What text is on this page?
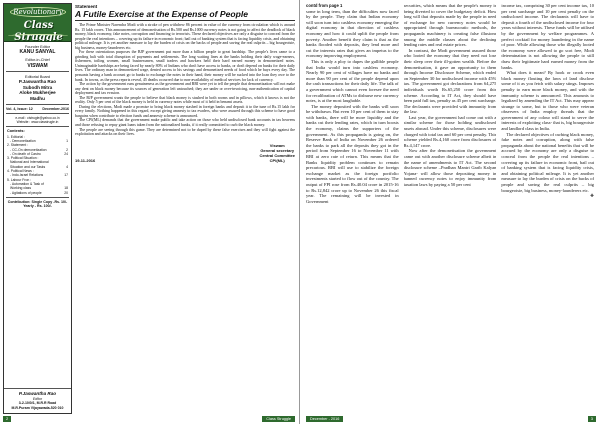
Revolutionary
Class Struggle
Founder Editor
KANU SANYAL
Editor-in-Chief
VISWAM
Editorial Board
P.Jaswantha Rao
Subodh Mitra
Aloke Mukherjee
Madhu
Vol. 4, Issue: 12	December-2016
e-mail : cistrugle@yahoo.co.in
Website : www.classtrugle.in
Contents:
1. Editorial :
- Demonetization	1
2. Statement :
- CC-On demonetization	2
- On death of Castro	24
3. Political Situation :
National and International
Situation and our Tasks	4
4. Political News :
- Indo-Israel Relations	17
5. Labour Fron :
- Automation & Task of
Working class	18
- Agitations of people	20
Contribution: Single Copy -Rs. 10/-
Yearly - Rs. 100/-
P.Jaswantha Rao
Editor
3-2-10/0/1, M.R.R Road
M.R.Puram Vijayawada-520 010
Statement
A Futile Exercise at the Expense of People

The Prime Minister Narendra Modi with a stroke of pen withdrew 86 percent in value of the currency from circulation which is around Rs. 15 lakh crores. This announcement of demonetisation of Rs.500 and Rs.1000 currency notes is not going to affect the deadlock of black money, black economy, fake notes, corruption and financing to terrorists. These declared objectives are only a disguise to conceal from the people the real intentions – covering up its failure in economic front; bail out of banking system that is facing liquidity crisis, and obtaining political mileage. It is yet another measure to lay the burden of crisis on the backs of people and saving the real culprits – big bourgeoisie, big business, money-launderers etc.

For these ostentatious purposes the BJP government put more than a billion people to great hardship. The people's lives came to a grinding halt with total disruption of payments and settlements. The long waiting lines at the banks holding their daily wage-earners, fishermen, toiling women, small businessmen, small traders and hawkers held their hard earned money in demonetized notes. Unimaginable hardships are being faced by nearly 80% of Indians who don't have access to banks, or don't depend on banks for their daily lives. The ordinary man in demonetized wage, denied access to his savings and demonetized needs of food which he buys every day. The peasants having a bank account go to banks to exchange the notes in their hand, their money will be sucked into the loan they owe to the bank. In towns, as the press reports reveal, 45 deaths occurred due to non-availability of medical services for lack of currency.

The action by the government runs genuineness as the government and RBI were yet to tell the people that demonetization will not make any dent on black money because its sources of generation left untouched; they are under or over-invoicing, non-authentication of capital deployment and tax evasion.

The BJP government wants the people to believe that black money is stashed in both rooms and in pillows, which it knows is not the reality. Only 5 per cent of the black money is held in currency notes while most of it held in benami assets.

During the elections, Modi made a promise to bring black money stashed in foreign banks and deposit it to the tune of Rs.15 lakh for every family. Nothing happened in this regard, except giving amnesty to tax evaders, who were assured through this scheme to have good bargains when contribute to election funds and amnesty scheme is announced.

The CPI(ML) demands that the government make public and take action on those who held undisclosed bank accounts in tax heavens and those refusing to repay giant loans taken from the nationalized banks, if it really committed to curb the black money.

The people are seeing through this game. They are determined not to be duped by these false exercises and they will fight against the exploitation and attacks on their lives.

19-11-2016
Viswam
General secretary
Central Committee
CPI(ML)
2	Class Struggle
contd from page 1

some in long term, than the difficulties now faced by the people. They claim that Indian economy will soon turn into cashless economy emerging the digital economy in that direction of cashless economy and how it could uplift the people from poverty. Another benefit they claim is that as the banks flooded with deposits, they lend more and cut the interests rates that gives an impetus to the economy improving employment.

This is only a ploy to dupes the gullible people that India would turn into cashless economy. Nearly 90 per cent of villages have no banks and more than 90 per cent of the people depend upon the cash transactions for their daily life. The talk of a government which cannot even foresee the need for recalibration of ATMs to disburse new currency notes, is at the most laughable.

The money deposited with the banks will soon be withdrawn. But even 10 per cent of them to stay with banks, there will be more liquidity and the banks cut their lending rates, which in turn boosts the economy, claims the supporters of the government. As this propaganda is going on, the Reserve Bank of India on November 26 ordered the banks to park all the deposits they got in the period from September 16 to November 11 with RBI at zero rate of return. This means that the Banks liquidity problem continues to remain precarious. RBI will use to stabilize the foreign exchange market as the foreign portfolio investments started to flow out of the country. The output of FPI rose from Rs.40.04 crore in 2015-16 to Rs.12,842 crore up to November 26 this fiscal year. The remaining will be invested in Government

securities, which means that the people's money is being diverted to cover the budgetary deficit. How long will that deposits made by the people in need of exchange for new currency notes would be appropriated through bureaucratic methods, the propaganda machinery is creating false illusions among the middle classes about the declining lending rates and real estate prices.

In contrast, the Modi government assured those who looted the economy that they need not lose their sleep over their ill-gotten wealth. Before the demonetisation, it gave an opportunity to them through Income Disclosure Scheme, which ended on September 30 for undisclosed income with 45% tax. The government got declarations from 64,275 individuals worth Rs.65,250 crore from this scheme. According to IT Act, they should have been paid full tax, penalty as 45 per cent surcharge. The declarants were provided with immunity from the law.

Last year, the government had come out with a similar scheme for those holding undisclosed assets abroad. Under this scheme, disclosures were charged with total tax and 60 per cent penalty. This scheme yielded Rs.4,160 crore from disclosures of Rs.4,147 crore.

Now after the demonetisation the government came out with another disclosure scheme albeit in the name of amendments to IT Act. The second disclosure scheme –Pradhan Mantri Garib Kalyan Yojana- will allow those depositing money in banned currency notes to enjoy immunity from taxation laws by paying a 50 per cent

income tax, comprising 30 per cent income tax, 10 per cent surcharge and 10 per cent penalty on the undisclosed income. The declarants will have to deposit a fourth of the undisclosed income for four years without interests. These funds will be utilised by the government by welfare programmes. A perfect cocktail for money laundering in the name of poor. While allowing those who illegally looted the economy were allowed to go scot free, Modi determination is not allowing the people to still draw their legitimate hard earned money from the banks.

What does it mean? By hook or crook even black money flouting the laws of land disclose some of it as you fetch with salary stings. Imposes penalty to earn more black money, and with the immunity scheme is announced. This amounts to legalized by amending the IT Act. This may appear strange to some, but to those who were veteran observers of India employ threads that the government of any colour will stand to serve the interests of exploiting class- that is, big bourgeoisie and landlord class in India.

The declared objectives of curbing black money, fake notes and corruption, along with false propaganda about the national benefits that will be accrued by the economy are only a disguise to conceal from the people the real intentions – covering up its failure in economic front, bail out of banking system that is facing liquidity crisis, and obtaining political mileage. It is yet another measure to lay the burden of crisis on the backs of people and saving the real culprits – big bourgeoisie, big business, money-launderers etc.

❖
December - 2016	3
